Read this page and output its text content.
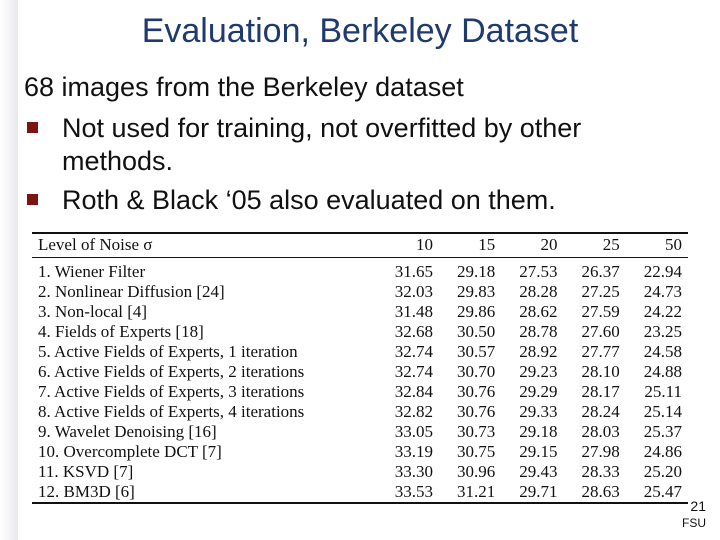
Evaluation, Berkeley Dataset
68 images from the Berkeley dataset
Not used for training, not overfitted by other methods.
Roth & Black ‘05 also evaluated on them.
Level of Noise σ	10	15	20	25	50
1. Wiener Filter	31.65	29.18	27.53	26.37	22.94
2. Nonlinear Diffusion [24]	32.03	29.83	28.28	27.25	24.73
3. Non-local [4]	31.48	29.86	28.62	27.59	24.22
4. Fields of Experts [18]	32.68	30.50	28.78	27.60	23.25
5. Active Fields of Experts, 1 iteration	32.74	30.57	28.92	27.77	24.58
6. Active Fields of Experts, 2 iterations	32.74	30.70	29.23	28.10	24.88
7. Active Fields of Experts, 3 iterations	32.84	30.76	29.29	28.17	25.11
8. Active Fields of Experts, 4 iterations	32.82	30.76	29.33	28.24	25.14
9. Wavelet Denoising [16]	33.05	30.73	29.18	28.03	25.37
10. Overcomplete DCT [7]	33.19	30.75	29.15	27.98	24.86
11. KSVD [7]	33.30	30.96	29.43	28.33	25.20
12. BM3D [6]	33.53	31.21	29.71	28.63	25.47
21
FSU
